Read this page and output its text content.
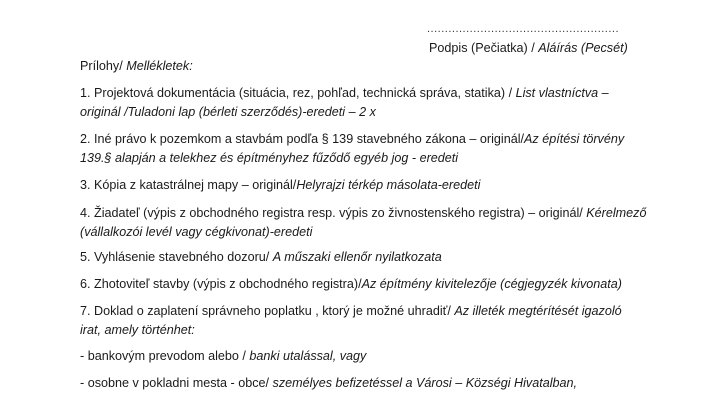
......................................................
Podpis (Pečiatka) / Aláírás (Pecsét)
Prílohy/ Mellékletek:
1. Projektová dokumentácia (situácia, rez, pohľad, technická správa, statika) / List vlastníctva –
originál /Tuladoni lap (bérleti szerződés)-eredeti – 2 x
2. Iné právo k pozemkom a stavbám podľa § 139 stavebného zákona – originál/Az építési törvény
139.§ alapján a telekhez és építményhez fűződő egyéb jog - eredeti
3. Kópia z katastrálnej mapy – originál/Helyrajzi térkép másolata-eredeti
4. Žiadateľ (výpis z obchodného registra resp. výpis zo živnostenského registra) – originál/ Kérelmező
(vállalkozói levél vagy cégkivonat)-eredeti
5. Vyhlásenie stavebného dozoru/ A műszaki ellenőr nyilatkozata
6. Zhotoviteľ stavby (výpis z obchodného registra)/Az építmény kivitelezője (cégjegyzék kivonata)
7. Doklad o zaplatení správneho poplatku , ktorý je možné uhradiť/ Az illeték megtérítését igazoló
irat, amely történhet:
- bankovým prevodom alebo / banki utalással, vagy
- osobne v pokladni mesta - obce/ személyes befizetéssel a Városi – Községi Hivatalban,
